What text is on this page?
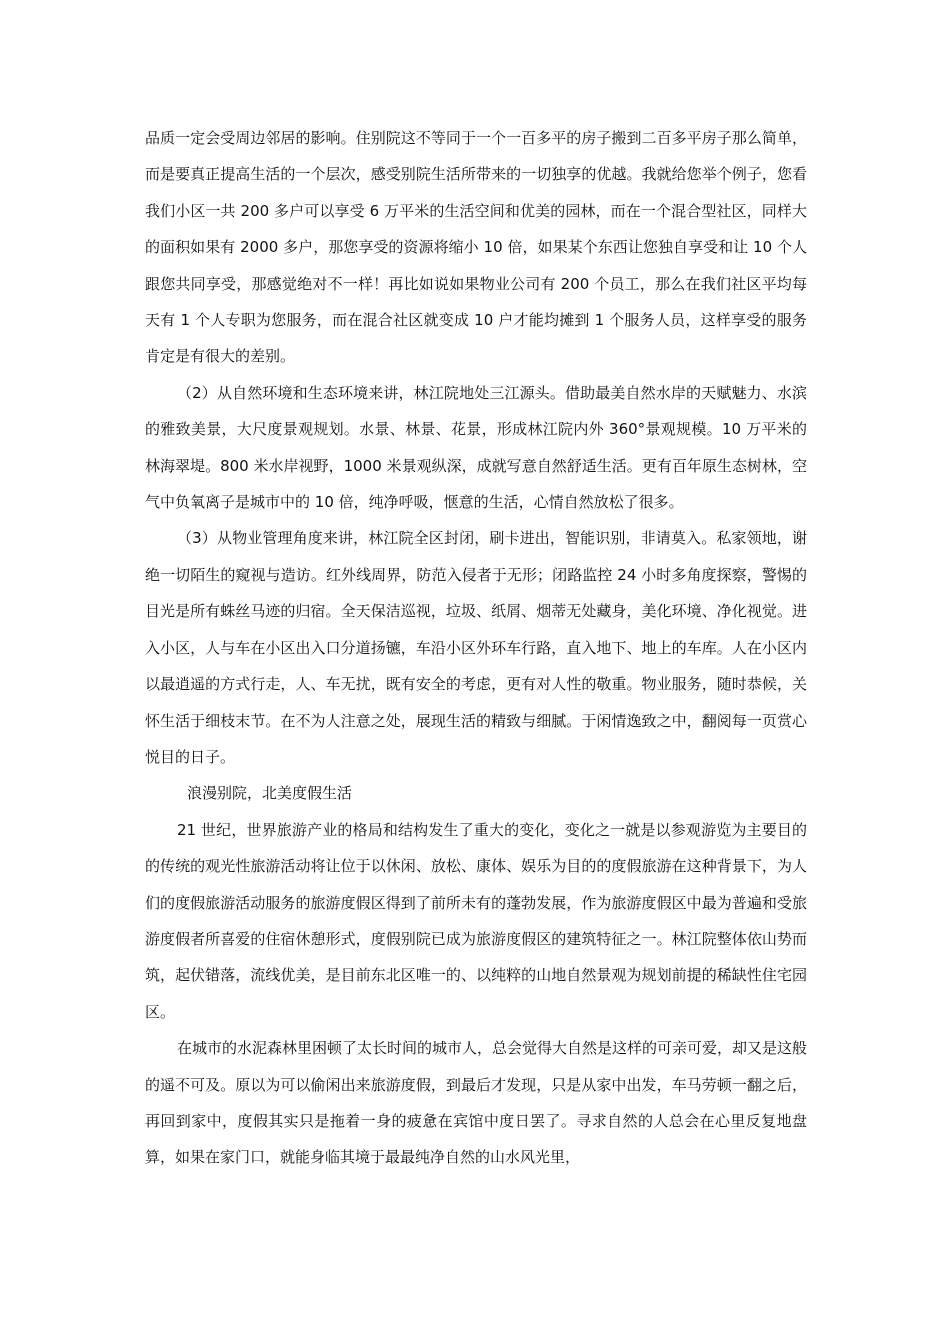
品质一定会受周边邻居的影响。住别院这不等同于一个一百多平的房子搬到二百多平房子那么简单，而是要真正提高生活的一个层次，感受别院生活所带来的一切独享的优越。我就给您举个例子，您看我们小区一共 200 多户可以享受 6 万平米的生活空间和优美的园林，而在一个混合型社区，同样大的面积如果有 2000 多户，那您享受的资源将缩小 10 倍，如果某个东西让您独自享受和让 10 个人跟您共同享受，那感觉绝对不一样！再比如说如果物业公司有 200 个员工，那么在我们社区平均每天有 1 个人专职为您服务，而在混合社区就变成 10 户才能均摊到 1 个服务人员，这样享受的服务肯定是有很大的差别。

（2）从自然环境和生态环境来讲，林江院地处三江源头。借助最美自然水岸的天赋魅力、水滨的雅致美景，大尺度景观规划。水景、林景、花景，形成林江院内外 360°景观规模。10 万平米的林海翠堤。800 米水岸视野，1000 米景观纵深，成就写意自然舒适生活。更有百年原生态树林，空气中负氧离子是城市中的 10 倍，纯净呼吸，惬意的生活，心情自然放松了很多。

（3）从物业管理角度来讲，林江院全区封闭，刷卡进出，智能识别，非请莫入。私家领地，谢绝一切陌生的窥视与造访。红外线周界，防范入侵者于无形；闭路监控 24 小时多角度探察，警惕的目光是所有蛛丝马迹的归宿。全天保洁巡视，垃圾、纸屑、烟蒂无处藏身，美化环境、净化视觉。进入小区，人与车在小区出入口分道扬镳，车沿小区外环车行路，直入地下、地上的车库。人在小区内以最逍遥的方式行走，人、车无扰，既有安全的考虑，更有对人性的敬重。物业服务，随时恭候，关怀生活于细枝末节。在不为人注意之处，展现生活的精致与细腻。于闲情逸致之中，翻阅每一页赏心悦目的日子。

浪漫别院，北美度假生活

21 世纪，世界旅游产业的格局和结构发生了重大的变化，变化之一就是以参观游览为主要目的的传统的观光性旅游活动将让位于以休闲、放松、康体、娱乐为目的的度假旅游在这种背景下，为人们的度假旅游活动服务的旅游度假区得到了前所未有的蓬勃发展，作为旅游度假区中最为普遍和受旅游度假者所喜爱的住宿休憩形式，度假别院已成为旅游度假区的建筑特征之一。林江院整体依山势而筑，起伏错落，流线优美，是目前东北区唯一的、以纯粹的山地自然景观为规划前提的稀缺性住宅园区。

在城市的水泥森林里困顿了太长时间的城市人，总会觉得大自然是这样的可亲可爱，却又是这般的遥不可及。原以为可以偷闲出来旅游度假，到最后才发现，只是从家中出发，车马劳顿一翻之后，再回到家中，度假其实只是拖着一身的疲惫在宾馆中度日罢了。寻求自然的人总会在心里反复地盘算，如果在家门口，就能身临其境于最最纯净自然的山水风光里，
